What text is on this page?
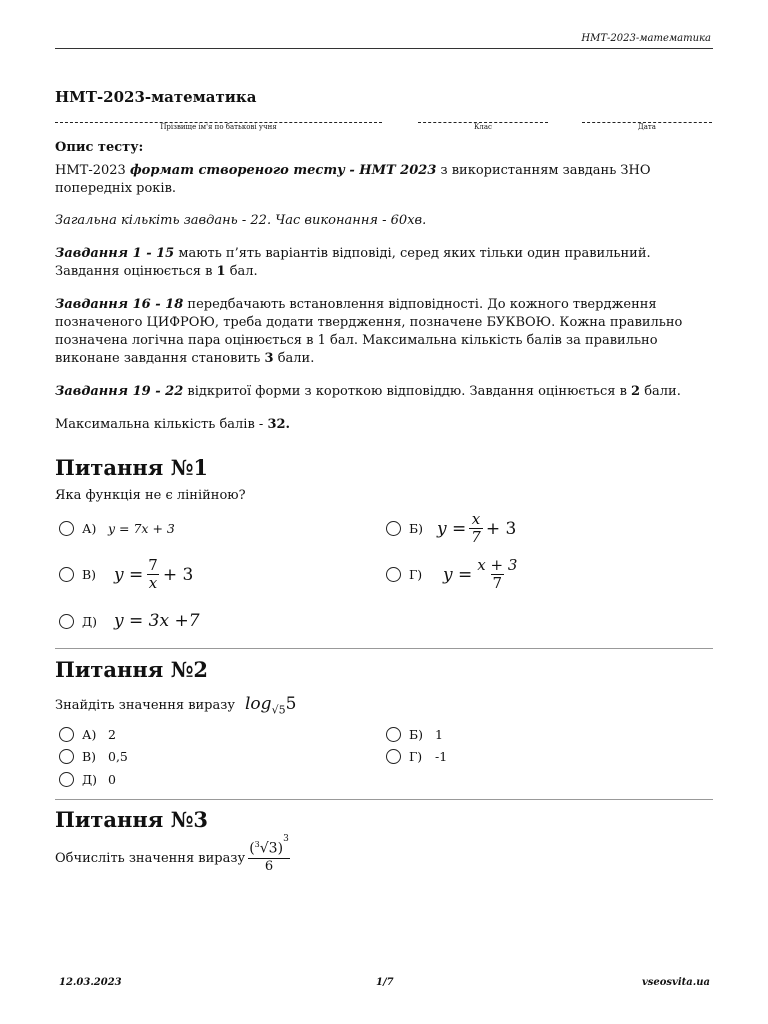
НМТ-2023-математика
НМТ-2023-математика
Прізвище ім'я по батькові учня	Клас	Дата
Опис тесту:
НМТ-2023 формат створеного тесту - НМТ 2023 з використанням завдань ЗНО попередніх років.
Загальна кількіть завдань - 22. Час виконання - 60хв.
Завдання 1 - 15 мають п’ять варіантів відповіді, серед яких тільки один правильний. Завдання оцінюється в 1 бал.
Завдання 16 - 18 передбачають встановлення відповідності. До кожного твердження позначеного ЦИФРОЮ, треба додати твердження, позначене БУКВОЮ. Кожна правильно позначена логічна пара оцінюється в 1 бал. Максимальна кількість балів за правильно виконане завдання становить 3 бали.
Завдання 19 - 22 відкритої форми з короткою відповіддю. Завдання оцінюється в 2 бали.
Максимальна кількість балів - 32.
Питання №1
Яка функція не є лінійною?
А) y = 7x + 3	Б) $y = \frac{x}{7} + 3$
В)	$y = \frac{7}{x} + 3$	Г)	$y = \frac{x + 3}{7}$
Д) y = 3x +7
Питання №2
Знайдіть значення виразу $\log_{√5}5$
А) 2	Б) 1
В) 0,5	Г)	-1
Д) 0
Питання №3
Обчисліть значення виразу
$(^3√3)^3$
6
12.03.2023	1/7	vseosvita.ua
